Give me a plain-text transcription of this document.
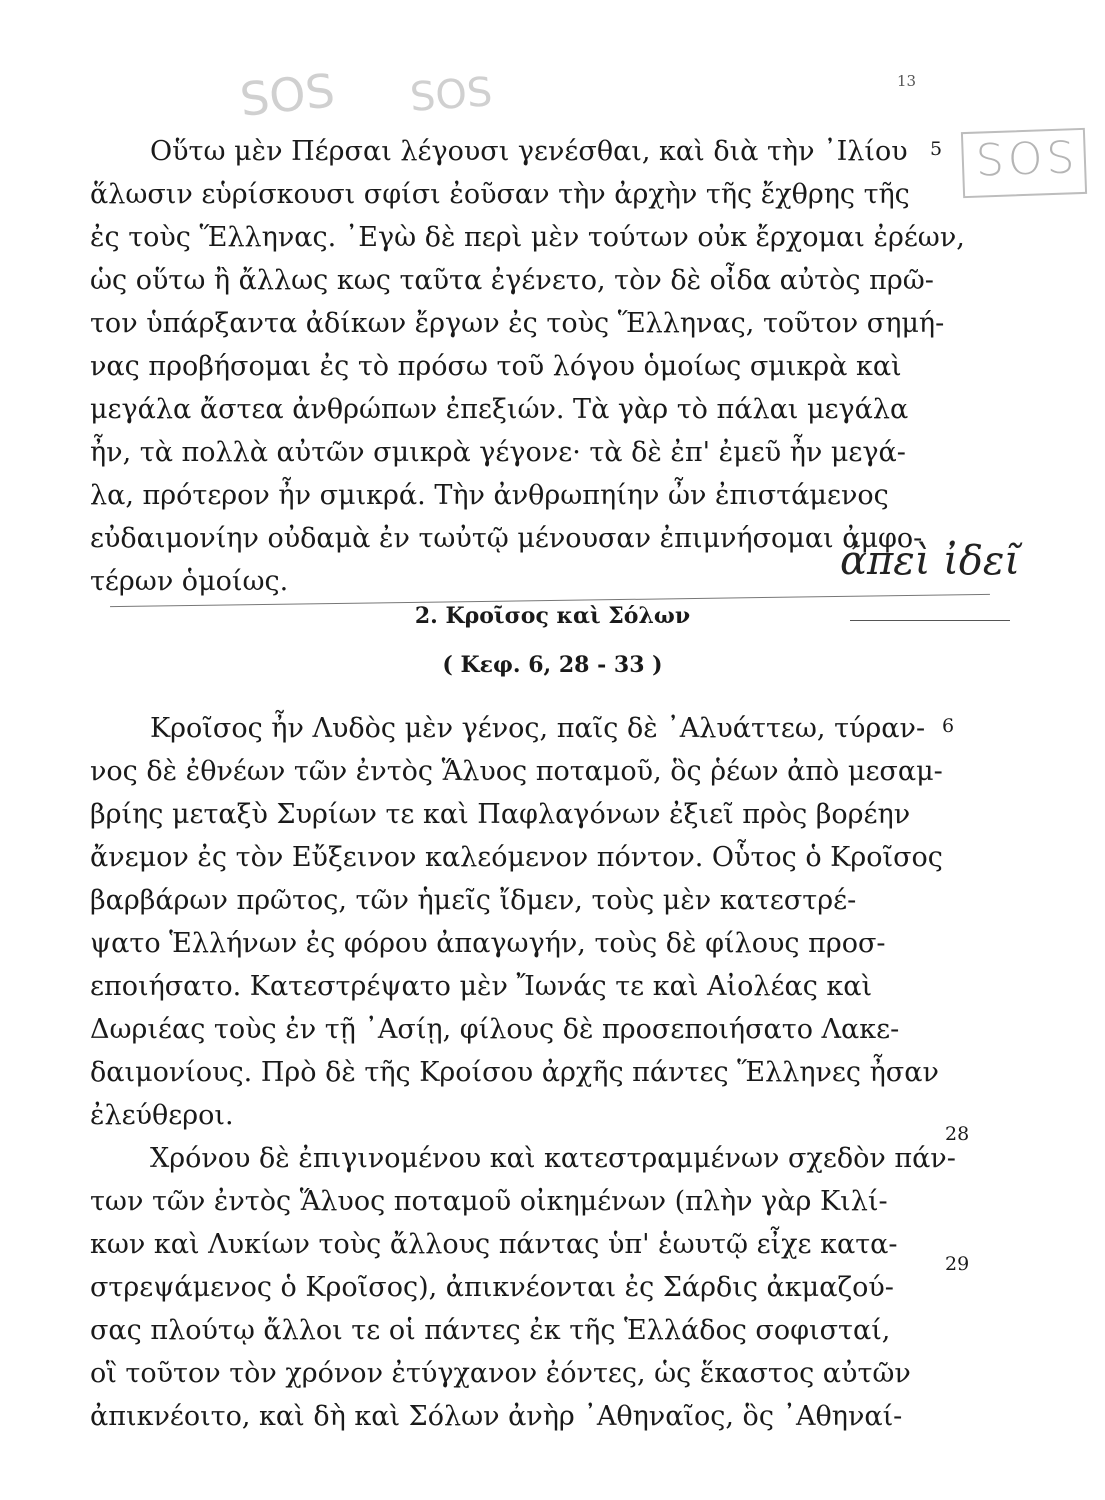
13
SOS SOS
SOS
Οὕτω μὲν Πέρσαι λέγουσι γενέσθαι, καὶ διὰ τὴν ᾿Ιλίου 5
ἅλωσιν εὑρίσκουσι σφίσι ἐοῦσαν τὴν ἀρχὴν τῆς ἔχθρης τῆς
ἐς τοὺς Ἕλληνας. ᾿Εγὼ δὲ περὶ μὲν τούτων οὐκ ἔρχομαι ἐρέων,
ὡς οὕτω ἢ ἄλλως κως ταῦτα ἐγένετο, τὸν δὲ οἶδα αὐτὸς πρῶ-
τον ὑπάρξαντα ἀδίκων ἔργων ἐς τοὺς Ἕλληνας, τοῦτον σημή-
νας προβήσομαι ἐς τὸ πρόσω τοῦ λόγου ὁμοίως σμικρὰ καὶ
μεγάλα ἄστεα ἀνθρώπων ἐπεξιών. Τὰ γὰρ τὸ πάλαι μεγάλα
ἦν, τὰ πολλὰ αὐτῶν σμικρὰ γέγονε· τὰ δὲ ἐπ' ἐμεῦ ἦν μεγά-
λα, πρότερον ἦν σμικρά. Τὴν ἀνθρωπηίην ὦν ἐπιστάμενος
εὐδαιμονίην οὐδαμὰ ἐν τωὐτῷ μένουσαν ἐπιμνήσομαι ἀμφο-
τέρων ὁμοίως.	ἀπεὶ ἰδεῖ
2. Κροῖσος καὶ Σόλων
( Κεφ. 6, 28 - 33 )
Κροῖσος ἦν Λυδὸς μὲν γένος, παῖς δὲ ᾿Αλυάττεω, τύραν- 6
νος δὲ ἐθνέων τῶν ἐντὸς Ἅλυος ποταμοῦ, ὃς ῥέων ἀπὸ μεσαμ-
βρίης μεταξὺ Συρίων τε καὶ Παφλαγόνων ἐξιεῖ πρὸς βορέην
ἄνεμον ἐς τὸν Εὔξεινον καλεόμενον πόντον. Οὗτος ὁ Κροῖσος
βαρβάρων πρῶτος, τῶν ἡμεῖς ἴδμεν, τοὺς μὲν κατεστρέ-
ψατο Ἑλλήνων ἐς φόρου ἀπαγωγήν, τοὺς δὲ φίλους προσ-
εποιήσατο. Κατεστρέψατο μὲν Ἴωνάς τε καὶ Αἰολέας καὶ
Δωριέας τοὺς ἐν τῇ ᾿Ασίῃ, φίλους δὲ προσεποιήσατο Λακε-
δαιμονίους. Πρὸ δὲ τῆς Κροίσου ἀρχῆς πάντες Ἕλληνες ἦσαν
ἐλεύθεροι.
Χρόνου δὲ ἐπιγινομένου καὶ κατεστραμμένων σχεδὸν πάν-
28
των τῶν ἐντὸς Ἅλυος ποταμοῦ οἰκημένων (πλὴν γὰρ Κιλί-
κων καὶ Λυκίων τοὺς ἄλλους πάντας ὑπ' ἑωυτῷ εἶχε κατα-
στρεψάμενος ὁ Κροῖσος), ἀπικνέονται ἐς Σάρδις ἀκμαζού-
29
σας πλούτῳ ἄλλοι τε οἱ πάντες ἐκ τῆς Ἑλλάδος σοφισταί,
οἳ τοῦτον τὸν χρόνον ἐτύγχανον ἐόντες, ὡς ἕκαστος αὐτῶν
ἀπικνέοιτο, καὶ δὴ καὶ Σόλων ἀνὴρ ᾿Αθηναῖος, ὃς ᾿Αθηναί-
